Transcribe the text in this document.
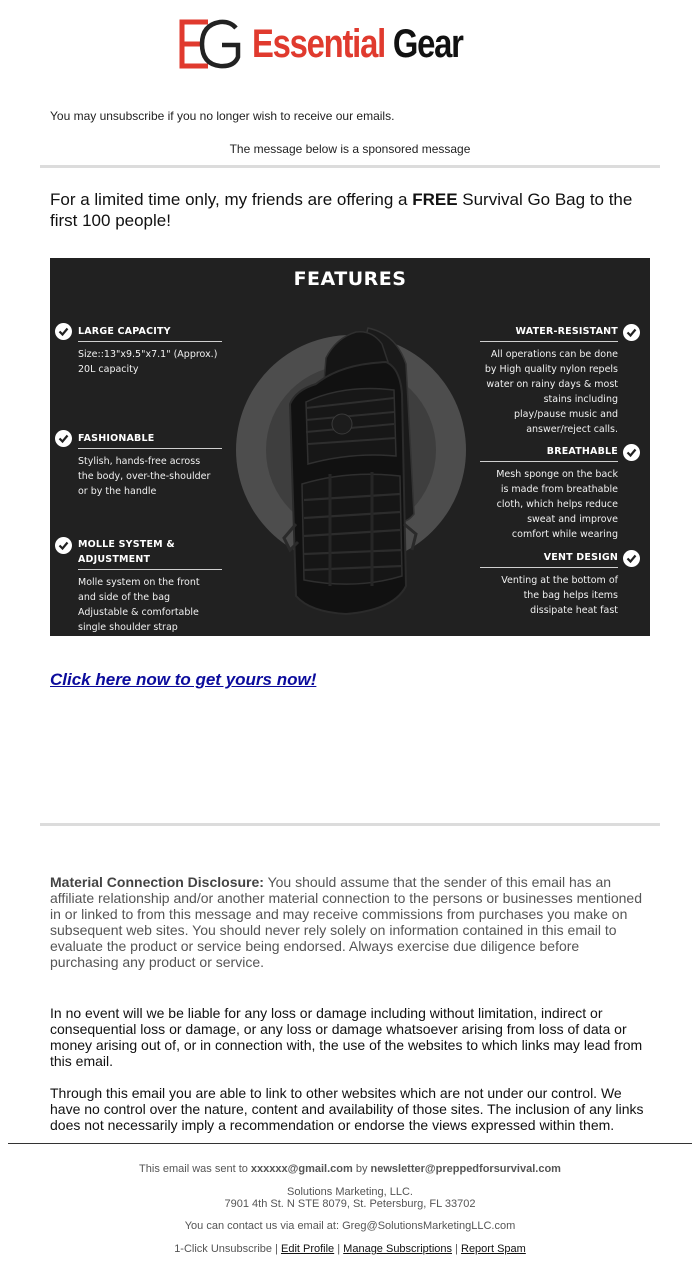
Essential Gear
You may unsubscribe if you no longer wish to receive our emails.
The message below is a sponsored message
For a limited time only, my friends are offering a FREE Survival Go Bag to the first 100 people!
FEATURES
LARGE CAPACITY
Size::13"x9.5"x7.1" (Approx.)
20L capacity
FASHIONABLE
Stylish, hands-free across
the body, over-the-shoulder
or by the handle
MOLLE SYSTEM &
ADJUSTMENT
Molle system on the front
and side of the bag
Adjustable & comfortable
single shoulder strap
WATER-RESISTANT
All operations can be done
by High quality nylon repels
water on rainy days & most
stains including
play/pause music and
answer/reject calls.
BREATHABLE
Mesh sponge on the back
is made from breathable
cloth, which helps reduce
sweat and improve
comfort while wearing
VENT DESIGN
Venting at the bottom of
the bag helps items
dissipate heat fast
Click here now to get yours now!
Material Connection Disclosure: You should assume that the sender of this email has an affiliate relationship and/or another material connection to the persons or businesses mentioned in or linked to from this message and may receive commissions from purchases you make on subsequent web sites. You should never rely solely on information contained in this email to evaluate the product or service being endorsed. Always exercise due diligence before purchasing any product or service.
In no event will we be liable for any loss or damage including without limitation, indirect or consequential loss or damage, or any loss or damage whatsoever arising from loss of data or money arising out of, or in connection with, the use of the websites to which links may lead from this email.
Through this email you are able to link to other websites which are not under our control. We have no control over the nature, content and availability of those sites. The inclusion of any links does not necessarily imply a recommendation or endorse the views expressed within them.
This email was sent to xxxxxx@gmail.com by newsletter@preppedforsurvival.com
Solutions Marketing, LLC.
7901 4th St. N STE 8079, St. Petersburg, FL 33702
You can contact us via email at: Greg@SolutionsMarketingLLC.com
1-Click Unsubscribe | Edit Profile | Manage Subscriptions | Report Spam
